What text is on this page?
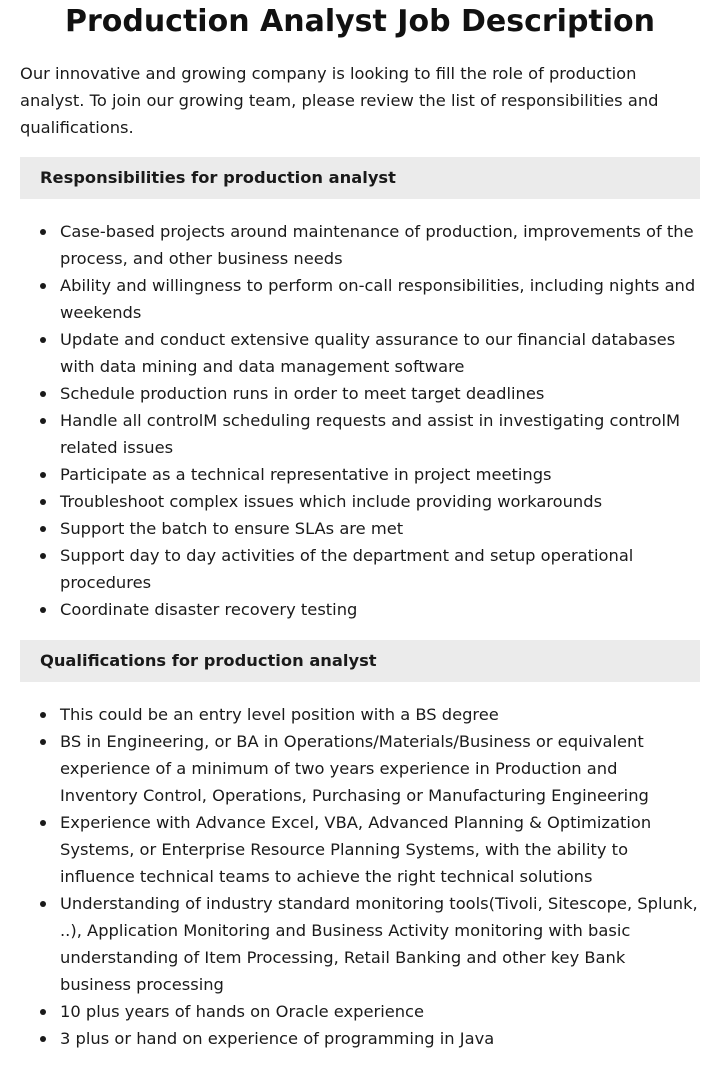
Production Analyst Job Description

Our innovative and growing company is looking to fill the role of production analyst. To join our growing team, please review the list of responsibilities and qualifications.

Responsibilities for production analyst
Case-based projects around maintenance of production, improvements of the process, and other business needs
Ability and willingness to perform on-call responsibilities, including nights and weekends
Update and conduct extensive quality assurance to our financial databases with data mining and data management software
Schedule production runs in order to meet target deadlines
Handle all controlM scheduling requests and assist in investigating controlM related issues
Participate as a technical representative in project meetings
Troubleshoot complex issues which include providing workarounds
Support the batch to ensure SLAs are met
Support day to day activities of the department and setup operational procedures
Coordinate disaster recovery testing
Qualifications for production analyst
This could be an entry level position with a BS degree
BS in Engineering, or BA in Operations/Materials/Business or equivalent experience of a minimum of two years experience in Production and Inventory Control, Operations, Purchasing or Manufacturing Engineering
Experience with Advance Excel, VBA, Advanced Planning & Optimization Systems, or Enterprise Resource Planning Systems, with the ability to influence technical teams to achieve the right technical solutions
Understanding of industry standard monitoring tools(Tivoli, Sitescope, Splunk, ..), Application Monitoring and Business Activity monitoring with basic understanding of Item Processing, Retail Banking and other key Bank business processing
10 plus years of hands on Oracle experience
3 plus or hand on experience of programming in Java
